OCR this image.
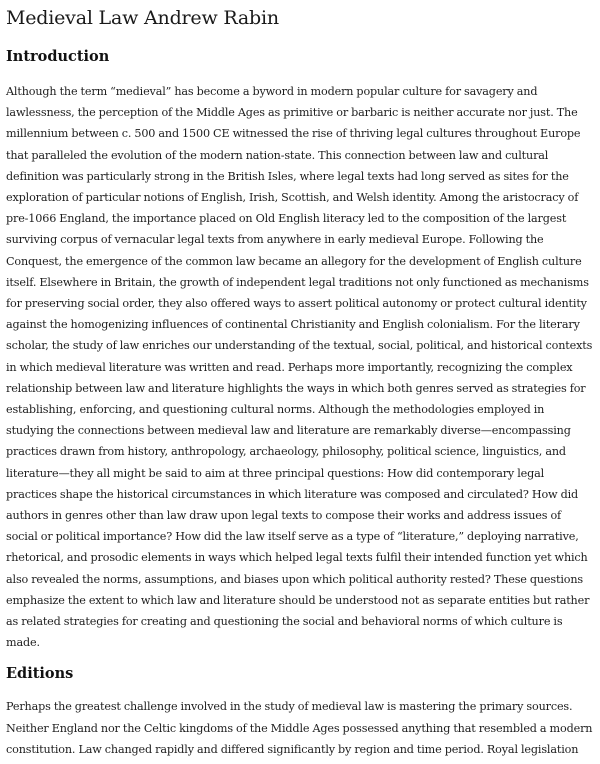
Medieval Law Andrew Rabin
Introduction

Although the term “medieval” has become a byword in modern popular culture for savagery and lawlessness, the perception of the Middle Ages as primitive or barbaric is neither accurate nor just. The millennium between c. 500 and 1500 CE witnessed the rise of thriving legal cultures throughout Europe that paralleled the evolution of the modern nation-state. This connection between law and cultural definition was particularly strong in the British Isles, where legal texts had long served as sites for the exploration of particular notions of English, Irish, Scottish, and Welsh identity. Among the aristocracy of pre-1066 England, the importance placed on Old English literacy led to the composition of the largest surviving corpus of vernacular legal texts from anywhere in early medieval Europe. Following the Conquest, the emergence of the common law became an allegory for the development of English culture itself. Elsewhere in Britain, the growth of independent legal traditions not only functioned as mechanisms for preserving social order, they also offered ways to assert political autonomy or protect cultural identity against the homogenizing influences of continental Christianity and English colonialism. For the literary scholar, the study of law enriches our understanding of the textual, social, political, and historical contexts in which medieval literature was written and read. Perhaps more importantly, recognizing the complex relationship between law and literature highlights the ways in which both genres served as strategies for establishing, enforcing, and questioning cultural norms. Although the methodologies employed in studying the connections between medieval law and literature are remarkably diverse—encompassing practices drawn from history, anthropology, archaeology, philosophy, political science, linguistics, and literature—they all might be said to aim at three principal questions: How did contemporary legal practices shape the historical circumstances in which literature was composed and circulated? How did authors in genres other than law draw upon legal texts to compose their works and address issues of social or political importance? How did the law itself serve as a type of “literature,” deploying narrative, rhetorical, and prosodic elements in ways which helped legal texts fulfil their intended function yet which also revealed the norms, assumptions, and biases upon which political authority rested? These questions emphasize the extent to which law and literature should be understood not as separate entities but rather as related strategies for creating and questioning the social and behavioral norms of which culture is made.

Editions

Perhaps the greatest challenge involved in the study of medieval law is mastering the primary sources. Neither England nor the Celtic kingdoms of the Middle Ages possessed anything that resembled a modern constitution. Law changed rapidly and differed significantly by region and time period. Royal legislation
